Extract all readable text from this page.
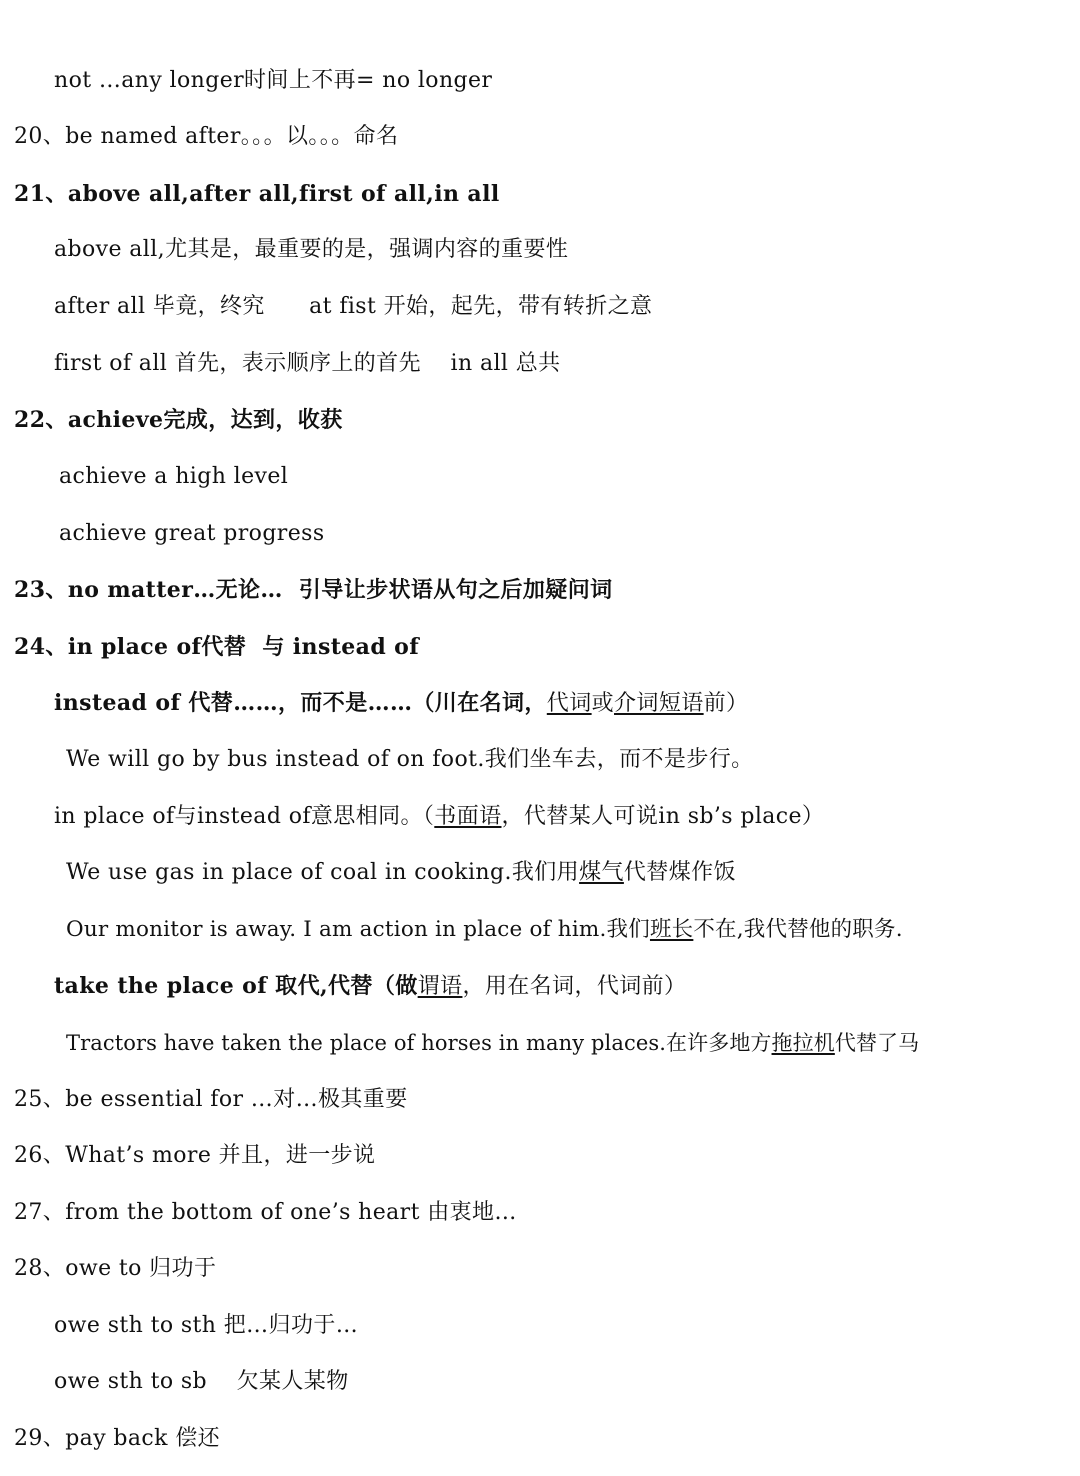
not …any longer时间上不再= no longer
20、be named after。。。以。。。命名
21、above all,after all,first of all,in all
above all,尤其是，最重要的是，强调内容的重要性
after all 毕竟，终究      at fist 开始，起先，带有转折之意
first of all 首先，表示顺序上的首先    in all 总共
22、achieve完成，达到，收获
achieve a high level
achieve great progress
23、no matter…无论…  引导让步状语从句之后加疑问词
24、in place of代替  与 instead of
instead of 代替……，而不是……（川在名词，代词或介词短语前）
We will go by bus instead of on foot.我们坐车去，而不是步行。
in place of与instead of意思相同。（书面语，代替某人可说in sb’s place）
We use gas in place of coal in cooking.我们用煤气代替煤作饭
Our monitor is away. I am action in place of him.我们班长不在,我代替他的职务.
take the place of 取代,代替（做谓语，用在名词，代词前）
Tractors have taken the place of horses in many places.在许多地方拖拉机代替了马
25、be essential for …对…极其重要
26、What’s more 并且，进一步说
27、from the bottom of one’s heart 由衷地…
28、owe to 归功于
owe sth to sth 把…归功于…
owe sth to sb    欠某人某物
29、pay back 偿还
